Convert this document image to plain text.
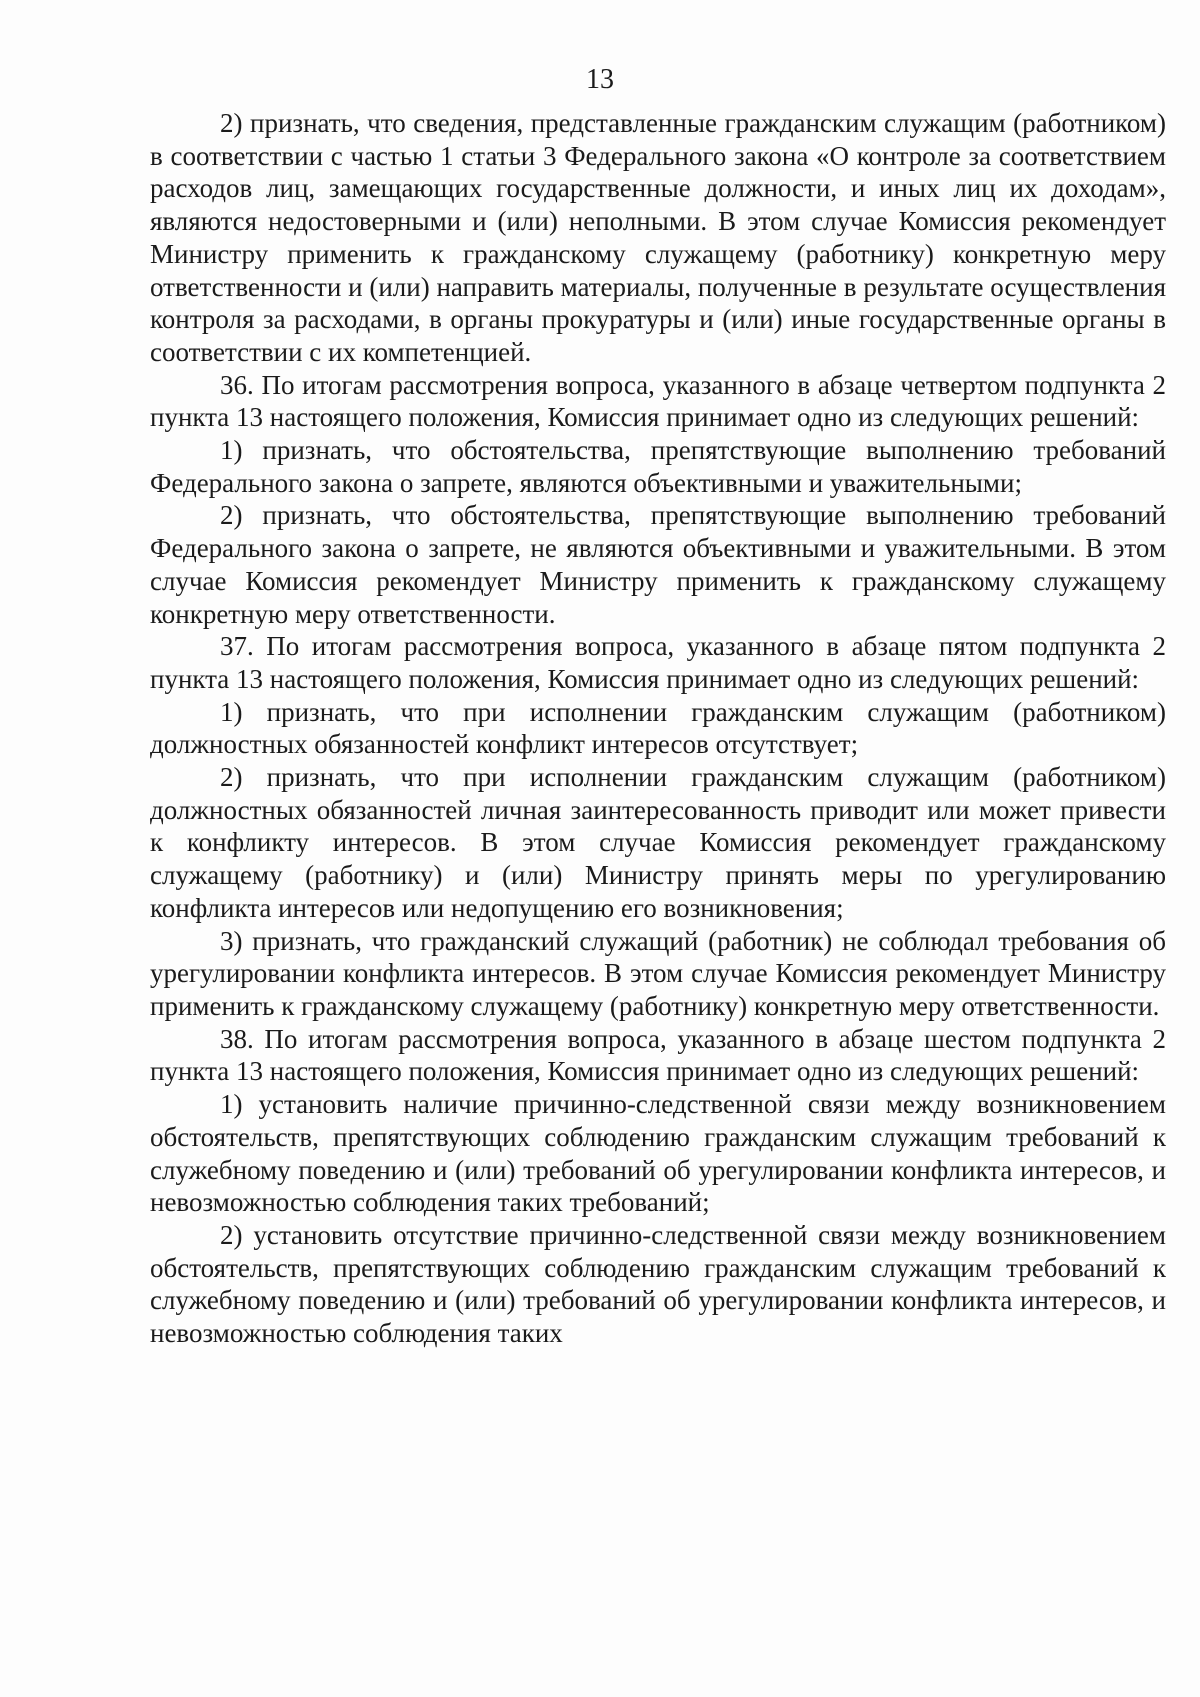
13

2) признать, что сведения, представленные гражданским служащим (работником) в соответствии с частью 1 статьи 3 Федерального закона «О контроле за соответствием расходов лиц, замещающих государственные должности, и иных лиц их доходам», являются недостоверными и (или) неполными. В этом случае Комиссия рекомендует Министру применить к гражданскому служащему (работнику) конкретную меру ответственности и (или) направить материалы, полученные в результате осуществления контроля за расходами, в органы прокуратуры и (или) иные государственные органы в соответствии с их компетенцией.

36. По итогам рассмотрения вопроса, указанного в абзаце четвертом подпункта 2 пункта 13 настоящего положения, Комиссия принимает одно из следующих решений:

1) признать, что обстоятельства, препятствующие выполнению требований Федерального закона о запрете, являются объективными и уважительными;

2) признать, что обстоятельства, препятствующие выполнению требований Федерального закона о запрете, не являются объективными и уважительными. В этом случае Комиссия рекомендует Министру применить к гражданскому служащему конкретную меру ответственности.

37. По итогам рассмотрения вопроса, указанного в абзаце пятом подпункта 2 пункта 13 настоящего положения, Комиссия принимает одно из следующих решений:

1) признать, что при исполнении гражданским служащим (работником) должностных обязанностей конфликт интересов отсутствует;

2) признать, что при исполнении гражданским служащим (работником) должностных обязанностей личная заинтересованность приводит или может привести к конфликту интересов. В этом случае Комиссия рекомендует гражданскому служащему (работнику) и (или) Министру принять меры по урегулированию конфликта интересов или недопущению его возникновения;

3) признать, что гражданский служащий (работник) не соблюдал требования об урегулировании конфликта интересов. В этом случае Комиссия рекомендует Министру применить к гражданскому служащему (работнику) конкретную меру ответственности.

38. По итогам рассмотрения вопроса, указанного в абзаце шестом подпункта 2 пункта 13 настоящего положения, Комиссия принимает одно из следующих решений:

1) установить наличие причинно-следственной связи между возникновением обстоятельств, препятствующих соблюдению гражданским служащим требований к служебному поведению и (или) требований об урегулировании конфликта интересов, и невозможностью соблюдения таких требований;

2) установить отсутствие причинно-следственной связи между возникновением обстоятельств, препятствующих соблюдению гражданским служащим требований к служебному поведению и (или) требований об урегулировании конфликта интересов, и невозможностью соблюдения таких
